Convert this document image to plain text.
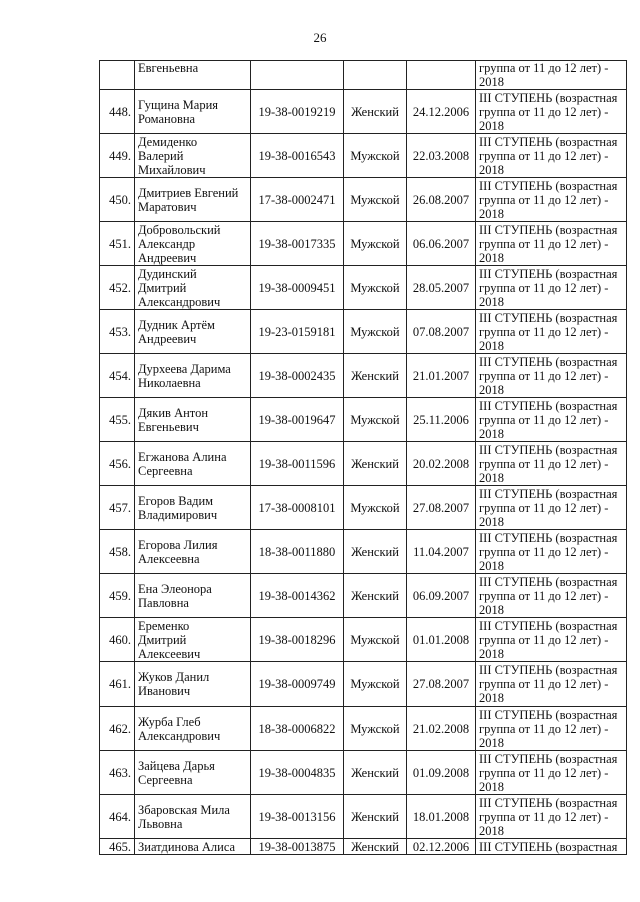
26
	Евгеньевна				группа от 11 до 12 лет) -
2018

448.	Гущина Мария
Романовна	19-38-0019219	Женский	24.12.2006	III СТУПЕНЬ (возрастная
группа от 11 до 12 лет) -
2018

449.	Демиденко
Валерий
Михайлович	19-38-0016543	Мужской	22.03.2008	III СТУПЕНЬ (возрастная
группа от 11 до 12 лет) -
2018

450.	Дмитриев Евгений
Маратович	17-38-0002471	Мужской	26.08.2007	III СТУПЕНЬ (возрастная
группа от 11 до 12 лет) -
2018

451.	Добровольский
Александр
Андреевич	19-38-0017335	Мужской	06.06.2007	III СТУПЕНЬ (возрастная
группа от 11 до 12 лет) -
2018

452.	Дудинский
Дмитрий
Александрович	19-38-0009451	Мужской	28.05.2007	III СТУПЕНЬ (возрастная
группа от 11 до 12 лет) -
2018

453.	Дудник Артём
Андреевич	19-23-0159181	Мужской	07.08.2007	III СТУПЕНЬ (возрастная
группа от 11 до 12 лет) -
2018

454.	Дурхеева Дарима
Николаевна	19-38-0002435	Женский	21.01.2007	III СТУПЕНЬ (возрастная
группа от 11 до 12 лет) -
2018

455.	Дякив Антон
Евгеньевич	19-38-0019647	Мужской	25.11.2006	III СТУПЕНЬ (возрастная
группа от 11 до 12 лет) -
2018

456.	Егжанова Алина
Сергеевна	19-38-0011596	Женский	20.02.2008	III СТУПЕНЬ (возрастная
группа от 11 до 12 лет) -
2018

457.	Егоров Вадим
Владимирович	17-38-0008101	Мужской	27.08.2007	III СТУПЕНЬ (возрастная
группа от 11 до 12 лет) -
2018

458.	Егорова Лилия
Алексеевна	18-38-0011880	Женский	11.04.2007	III СТУПЕНЬ (возрастная
группа от 11 до 12 лет) -
2018

459.	Ена Элеонора
Павловна	19-38-0014362	Женский	06.09.2007	III СТУПЕНЬ (возрастная
группа от 11 до 12 лет) -
2018

460.	Еременко
Дмитрий
Алексеевич	19-38-0018296	Мужской	01.01.2008	III СТУПЕНЬ (возрастная
группа от 11 до 12 лет) -
2018

461.	Жуков Данил
Иванович	19-38-0009749	Мужской	27.08.2007	III СТУПЕНЬ (возрастная
группа от 11 до 12 лет) -
2018

462.	Журба Глеб
Александрович	18-38-0006822	Мужской	21.02.2008	III СТУПЕНЬ (возрастная
группа от 11 до 12 лет) -
2018

463.	Зайцева Дарья
Сергеевна	19-38-0004835	Женский	01.09.2008	III СТУПЕНЬ (возрастная
группа от 11 до 12 лет) -
2018

464.	Збаровская Мила
Львовна	19-38-0013156	Женский	18.01.2008	III СТУПЕНЬ (возрастная
группа от 11 до 12 лет) -
2018

465.	Зиатдинова Алиса	19-38-0013875	Женский	02.12.2006	III СТУПЕНЬ (возрастная
